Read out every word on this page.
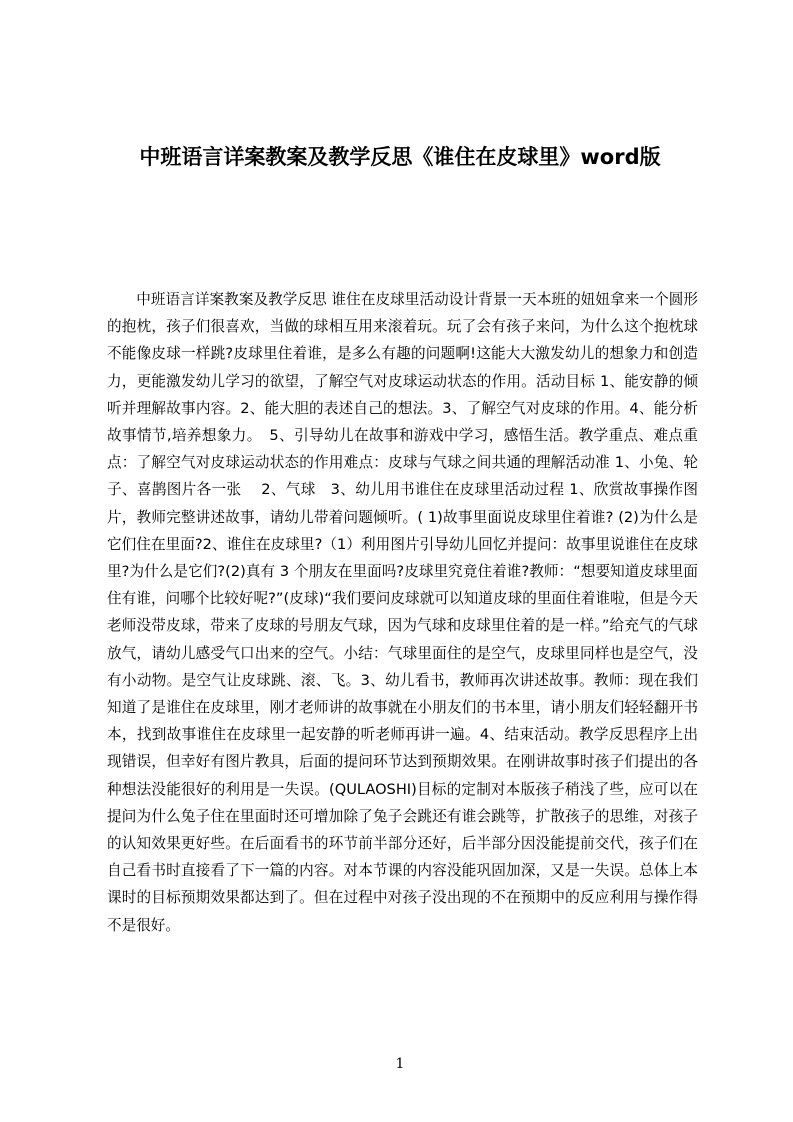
中班语言详案教案及教学反思《谁住在皮球里》word版

中班语言详案教案及教学反思 谁住在皮球里活动设计背景一天本班的妞妞拿来一个圆形的抱枕，孩子们很喜欢，当做的球相互用来滚着玩。玩了会有孩子来问，为什么这个抱枕球不能像皮球一样跳?皮球里住着谁，是多么有趣的问题啊!这能大大激发幼儿的想象力和创造力，更能激发幼儿学习的欲望，了解空气对皮球运动状态的作用。活动目标 1、能安静的倾听并理解故事内容。2、能大胆的表述自己的想法。3、了解空气对皮球的作用。4、能分析故事情节,培养想象力。　5、引导幼儿在故事和游戏中学习，感悟生活。教学重点、难点重点：了解空气对皮球运动状态的作用难点：皮球与气球之间共通的理解活动准 1、小兔、轮子、喜鹊图片各一张　 2、气球　3、幼儿用书谁住在皮球里活动过程 1、欣赏故事操作图片，教师完整讲述故事，请幼儿带着问题倾听。( 1)故事里面说皮球里住着谁? (2)为什么是它们住在里面?2、谁住在皮球里?（1）利用图片引导幼儿回忆并提问：故事里说谁住在皮球里?为什么是它们?(2)真有 3 个朋友在里面吗?皮球里究竟住着谁?教师：“想要知道皮球里面住有谁，问哪个比较好呢?”(皮球)“我们要问皮球就可以知道皮球的里面住着谁啦，但是今天老师没带皮球，带来了皮球的号朋友气球，因为气球和皮球里住着的是一样。”给充气的气球放气，请幼儿感受气口出来的空气。小结：气球里面住的是空气，皮球里同样也是空气，没有小动物。是空气让皮球跳、滚、飞。3、幼儿看书，教师再次讲述故事。教师：现在我们知道了是谁住在皮球里，刚才老师讲的故事就在小朋友们的书本里，请小朋友们轻轻翻开书本，找到故事谁住在皮球里一起安静的听老师再讲一遍。4、结束活动。教学反思程序上出现错误，但幸好有图片教具，后面的提问环节达到预期效果。在刚讲故事时孩子们提出的各种想法没能很好的利用是一失误。(QULAOSHI)目标的定制对本版孩子稍浅了些，应可以在提问为什么兔子住在里面时还可增加除了兔子会跳还有谁会跳等，扩散孩子的思维，对孩子的认知效果更好些。在后面看书的环节前半部分还好，后半部分因没能提前交代，孩子们在自己看书时直接看了下一篇的内容。对本节课的内容没能巩固加深，又是一失误。总体上本课时的目标预期效果都达到了。但在过程中对孩子没出现的不在预期中的反应利用与操作得不是很好。

1
